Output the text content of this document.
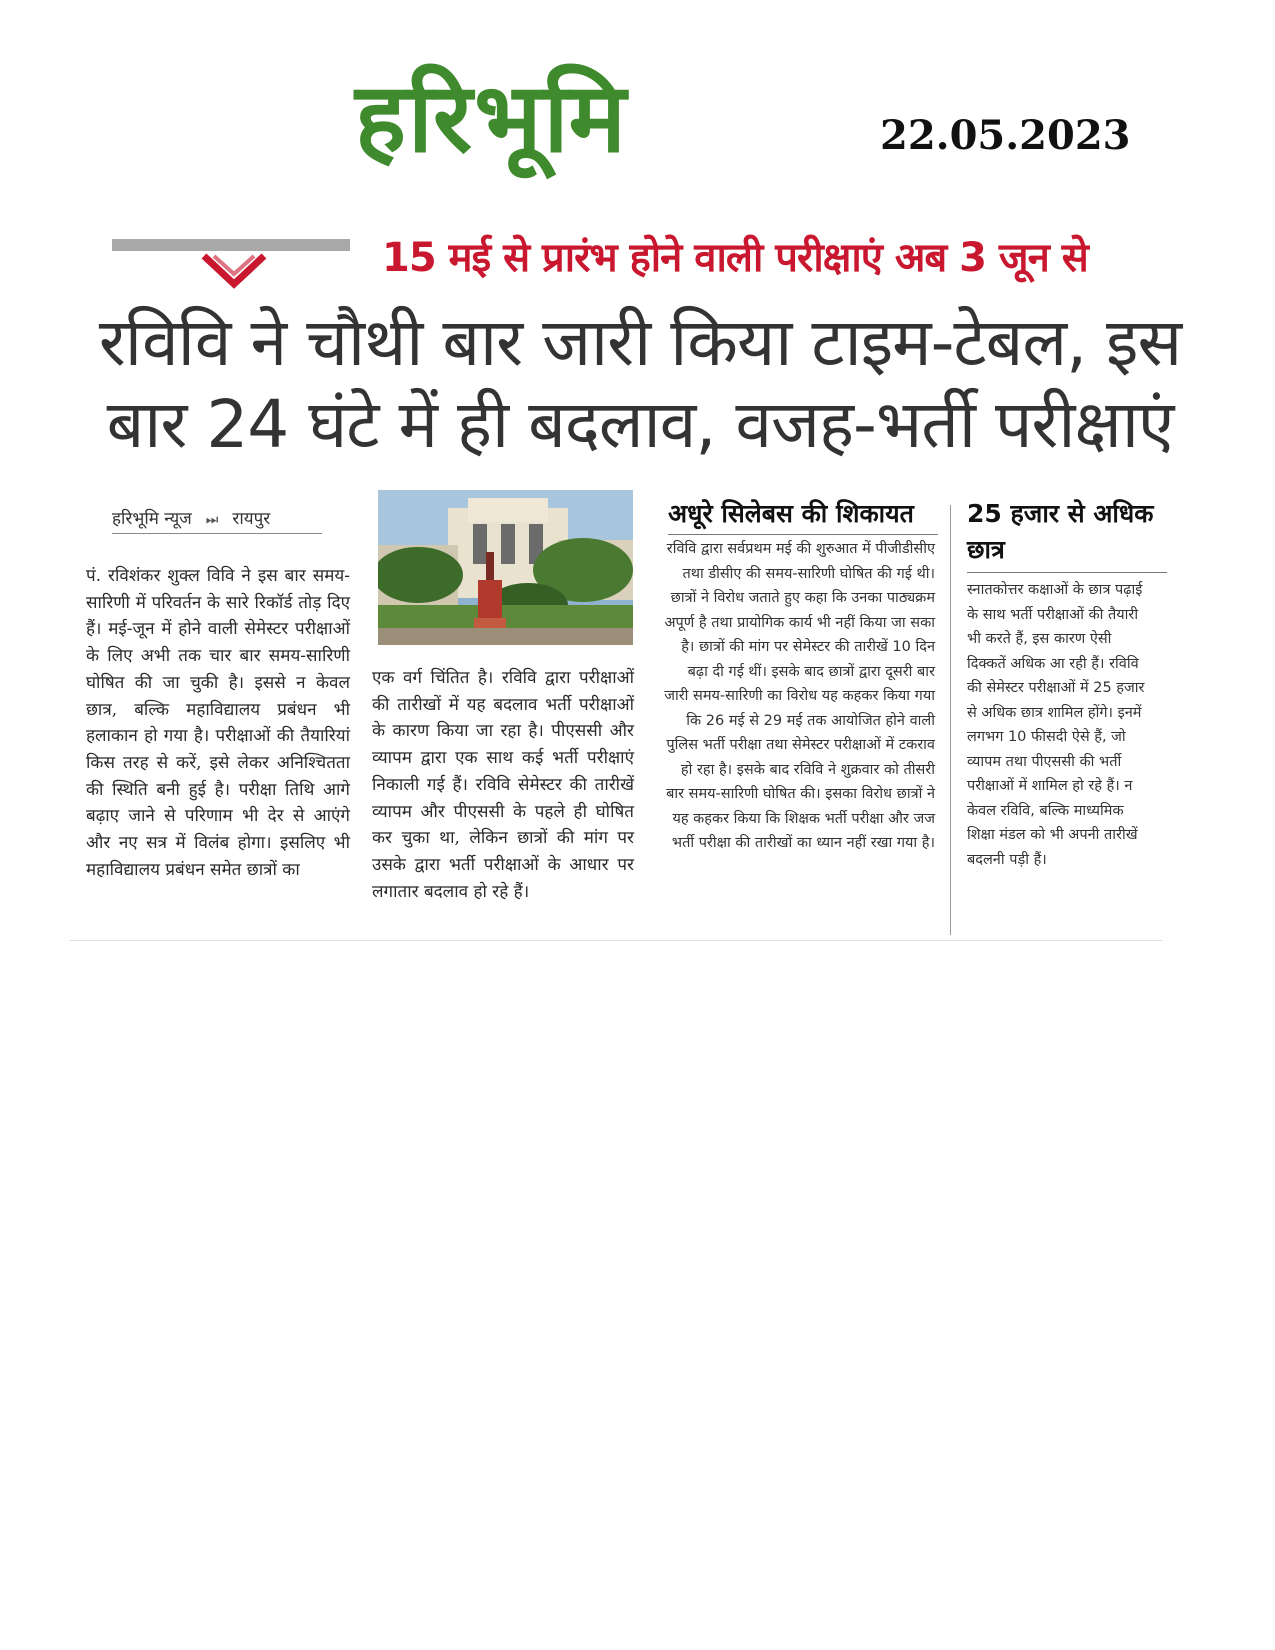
हरिभूमि	22.05.2023
15 मई से प्रारंभ होने वाली परीक्षाएं अब 3 जून से
रविवि ने चौथी बार जारी किया टाइम-टेबल, इस बार 24 घंटे में ही बदलाव, वजह-भर्ती परीक्षाएं
हरिभूमि न्यूज ⏭ रायपुर
पं. रविशंकर शुक्ल विवि ने इस बार समय-सारिणी में परिवर्तन के सारे रिकॉर्ड तोड़ दिए हैं। मई-जून में होने वाली सेमेस्टर परीक्षाओं के लिए अभी तक चार बार समय-सारिणी घोषित की जा चुकी है। इससे न केवल छात्र, बल्कि महाविद्यालय प्रबंधन भी हलाकान हो गया है। परीक्षाओं की तैयारियां किस तरह से करें, इसे लेकर अनिश्चितता की स्थिति बनी हुई है। परीक्षा तिथि आगे बढ़ाए जाने से परिणाम भी देर से आएंगे और नए सत्र में विलंब होगा। इसलिए भी महाविद्यालय प्रबंधन समेत छात्रों का
एक वर्ग चिंतित है। रविवि द्वारा परीक्षाओं की तारीखों में यह बदलाव भर्ती परीक्षाओं के कारण किया जा रहा है। पीएससी और व्यापम द्वारा एक साथ कई भर्ती परीक्षाएं निकाली गई हैं। रविवि सेमेस्टर की तारीखें व्यापम और पीएससी के पहले ही घोषित कर चुका था, लेकिन छात्रों की मांग पर उसके द्वारा भर्ती परीक्षाओं के आधार पर लगातार बदलाव हो रहे हैं।
अधूरे सिलेबस की शिकायत
रविवि द्वारा सर्वप्रथम मई की शुरुआत में पीजीडीसीए तथा डीसीए की समय-सारिणी घोषित की गई थी। छात्रों ने विरोध जताते हुए कहा कि उनका पाठ्यक्रम अपूर्ण है तथा प्रायोगिक कार्य भी नहीं किया जा सका है। छात्रों की मांग पर सेमेस्टर की तारीखें 10 दिन बढ़ा दी गई थीं। इसके बाद छात्रों द्वारा दूसरी बार जारी समय-सारिणी का विरोध यह कहकर किया गया कि 26 मई से 29 मई तक आयोजित होने वाली पुलिस भर्ती परीक्षा तथा सेमेस्टर परीक्षाओं में टकराव हो रहा है। इसके बाद रविवि ने शुक्रवार को तीसरी बार समय-सारिणी घोषित की। इसका विरोध छात्रों ने यह कहकर किया कि शिक्षक भर्ती परीक्षा और जज भर्ती परीक्षा की तारीखों का ध्यान नहीं रखा गया है।
25 हजार से अधिक छात्र
स्नातकोत्तर कक्षाओं के छात्र पढ़ाई के साथ भर्ती परीक्षाओं की तैयारी भी करते हैं, इस कारण ऐसी दिक्कतें अधिक आ रही हैं। रविवि की सेमेस्टर परीक्षाओं में 25 हजार से अधिक छात्र शामिल होंगे। इनमें लगभग 10 फीसदी ऐसे हैं, जो व्यापम तथा पीएससी की भर्ती परीक्षाओं में शामिल हो रहे हैं। न केवल रविवि, बल्कि माध्यमिक शिक्षा मंडल को भी अपनी तारीखें बदलनी पड़ी हैं।
